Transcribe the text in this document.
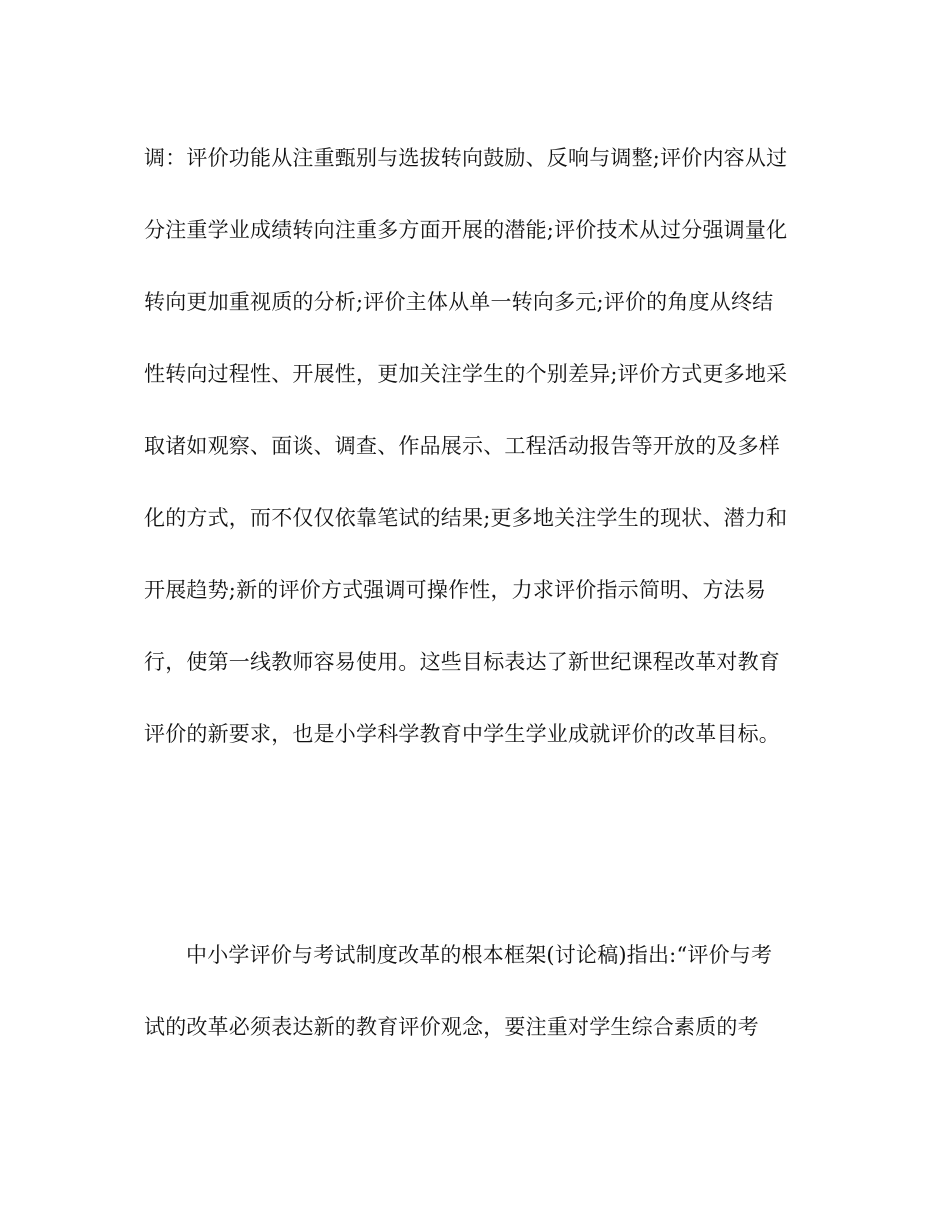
调：评价功能从注重甄别与选拔转向鼓励、反响与调整;评价内容从过
分注重学业成绩转向注重多方面开展的潜能;评价技术从过分强调量化
转向更加重视质的分析;评价主体从单一转向多元;评价的角度从终结
性转向过程性、开展性，更加关注学生的个别差异;评价方式更多地采
取诸如观察、面谈、调查、作品展示、工程活动报告等开放的及多样
化的方式，而不仅仅依靠笔试的结果;更多地关注学生的现状、潜力和
开展趋势;新的评价方式强调可操作性，力求评价指示简明、方法易
行，使第一线教师容易使用。这些目标表达了新世纪课程改革对教育
评价的新要求，也是小学科学教育中学生学业成就评价的改革目标。
中小学评价与考试制度改革的根本框架(讨论稿)指出:“评价与考
试的改革必须表达新的教育评价观念，要注重对学生综合素质的考
